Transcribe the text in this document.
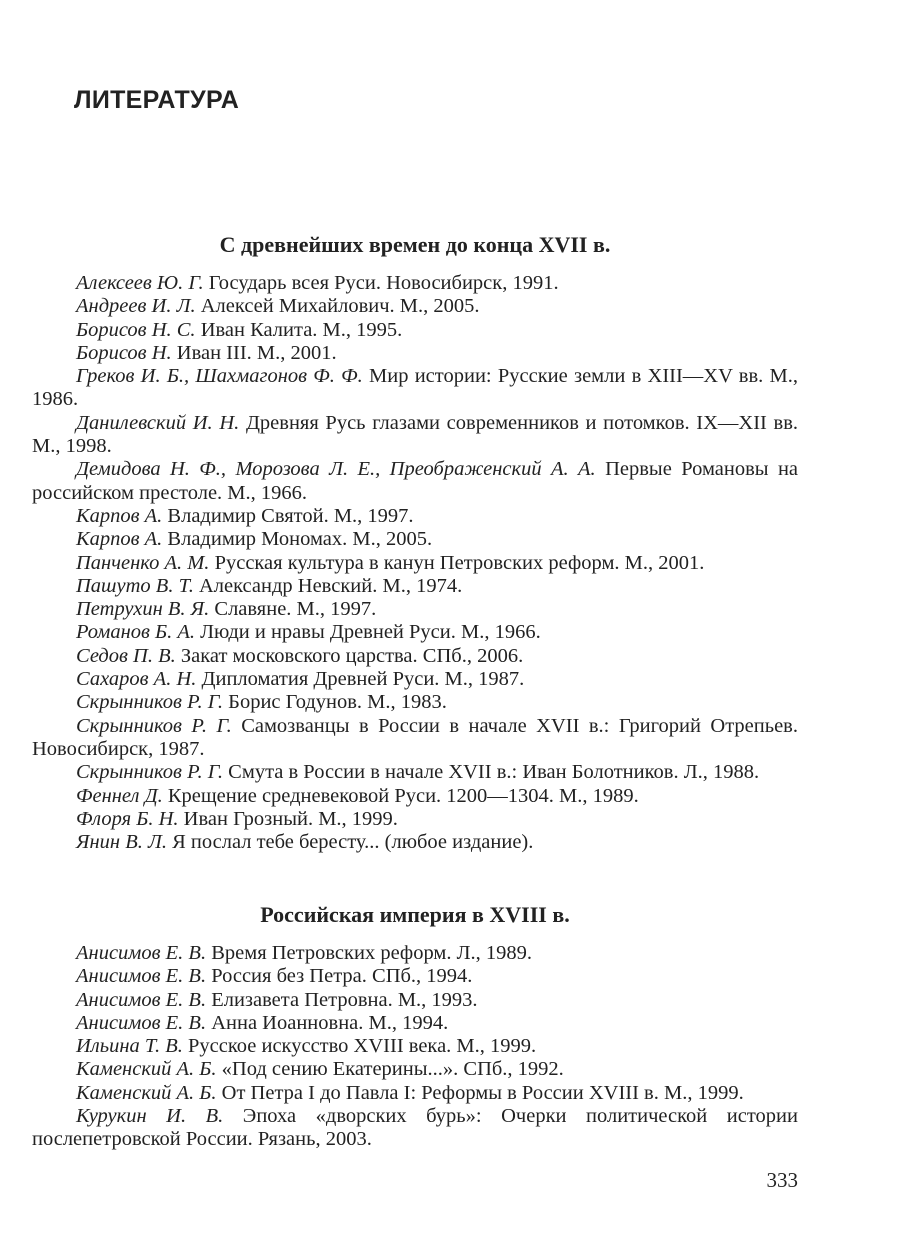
ЛИТЕРАТУРА
С древнейших времен до конца XVII в.
Алексеев Ю. Г. Государь всея Руси. Новосибирск, 1991.
Андреев И. Л. Алексей Михайлович. М., 2005.
Борисов Н. С. Иван Калита. М., 1995.
Борисов Н. Иван III. М., 2001.
Греков И. Б., Шахмагонов Ф. Ф. Мир истории: Русские земли в XIII—XV вв. М., 1986.
Данилевский И. Н. Древняя Русь глазами современников и потомков. IX—XII вв. М., 1998.
Демидова Н. Ф., Морозова Л. Е., Преображенский А. А. Первые Романовы на российском престоле. М., 1966.
Карпов А. Владимир Святой. М., 1997.
Карпов А. Владимир Мономах. М., 2005.
Панченко А. М. Русская культура в канун Петровских реформ. М., 2001.
Пашуто В. Т. Александр Невский. М., 1974.
Петрухин В. Я. Славяне. М., 1997.
Романов Б. А. Люди и нравы Древней Руси. М., 1966.
Седов П. В. Закат московского царства. СПб., 2006.
Сахаров А. Н. Дипломатия Древней Руси. М., 1987.
Скрынников Р. Г. Борис Годунов. М., 1983.
Скрынников Р. Г. Самозванцы в России в начале XVII в.: Григорий Отрепьев. Новосибирск, 1987.
Скрынников Р. Г. Смута в России в начале XVII в.: Иван Болотников. Л., 1988.
Феннел Д. Крещение средневековой Руси. 1200—1304. М., 1989.
Флоря Б. Н. Иван Грозный. М., 1999.
Янин В. Л. Я послал тебе бересту... (любое издание).
Российская империя в XVIII в.
Анисимов Е. В. Время Петровских реформ. Л., 1989.
Анисимов Е. В. Россия без Петра. СПб., 1994.
Анисимов Е. В. Елизавета Петровна. М., 1993.
Анисимов Е. В. Анна Иоанновна. М., 1994.
Ильина Т. В. Русское искусство XVIII века. М., 1999.
Каменский А. Б. «Под сению Екатерины...». СПб., 1992.
Каменский А. Б. От Петра I до Павла I: Реформы в России XVIII в. М., 1999.
Курукин И. В. Эпоха «дворских бурь»: Очерки политической истории послепетровской России. Рязань, 2003.
333
